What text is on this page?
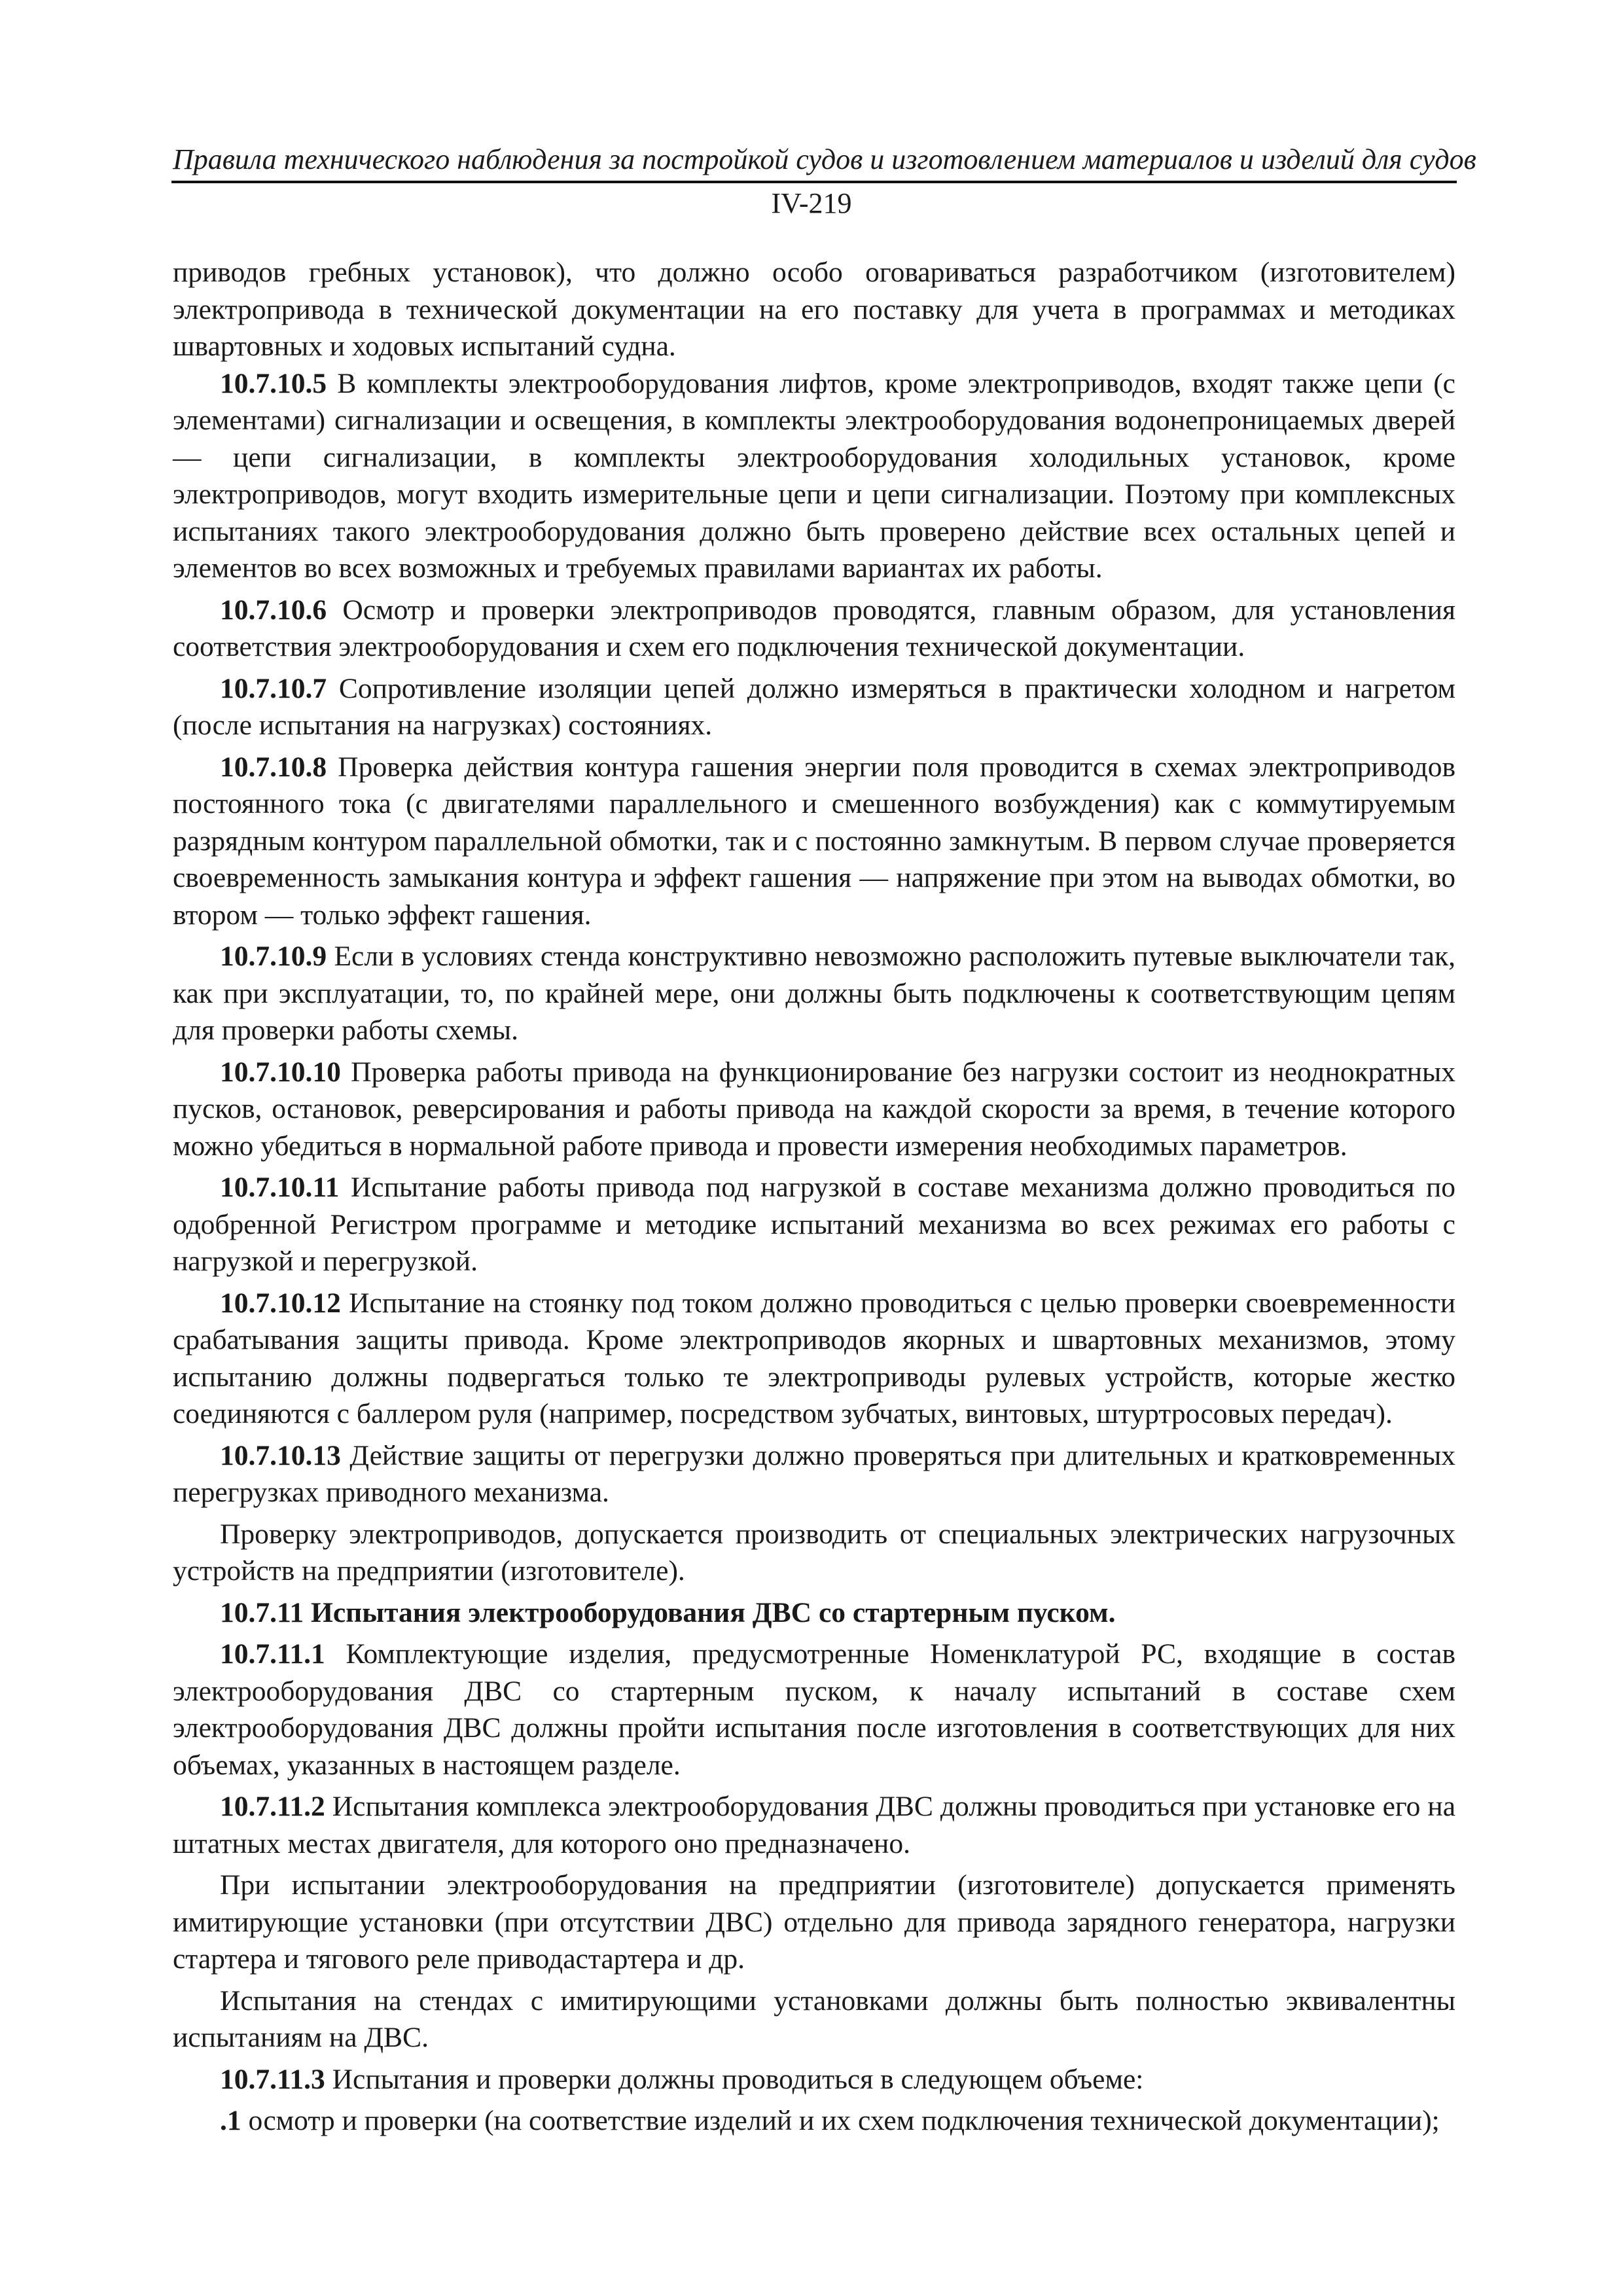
Правила технического наблюдения за постройкой судов и изготовлением материалов и изделий для судов
IV-219

приводов гребных установок), что должно особо оговариваться разработчиком (изготовителем) электропривода в технической документации на его поставку для учета в программах и методиках швартовных и ходовых испытаний судна.

10.7.10.5 В комплекты электрооборудования лифтов, кроме электроприводов, входят также цепи (с элементами) сигнализации и освещения, в комплекты электрооборудования водонепроницаемых дверей — цепи сигнализации, в комплекты электрооборудования холодильных установок, кроме электроприводов, могут входить измерительные цепи и цепи сигнализации. Поэтому при комплексных испытаниях такого электрооборудования должно быть проверено действие всех остальных цепей и элементов во всех возможных и требуемых правилами вариантах их работы.

10.7.10.6 Осмотр и проверки электроприводов проводятся, главным образом, для установления соответствия электрооборудования и схем его подключения технической документации.

10.7.10.7 Сопротивление изоляции цепей должно измеряться в практически холодном и нагретом (после испытания на нагрузках) состояниях.

10.7.10.8 Проверка действия контура гашения энергии поля проводится в схемах электроприводов постоянного тока (с двигателями параллельного и смешенного возбуждения) как с коммутируемым разрядным контуром параллельной обмотки, так и с постоянно замкнутым. В первом случае проверяется своевременность замыкания контура и эффект гашения — напряжение при этом на выводах обмотки, во втором — только эффект гашения.

10.7.10.9 Если в условиях стенда конструктивно невозможно расположить путевые выключатели так, как при эксплуатации, то, по крайней мере, они должны быть подключены к соответствующим цепям для проверки работы схемы.

10.7.10.10 Проверка работы привода на функционирование без нагрузки состоит из неоднократных пусков, остановок, реверсирования и работы привода на каждой скорости за время, в течение которого можно убедиться в нормальной работе привода и провести измерения необходимых параметров.

10.7.10.11 Испытание работы привода под нагрузкой в составе механизма должно проводиться по одобренной Регистром программе и методике испытаний механизма во всех режимах его работы с нагрузкой и перегрузкой.

10.7.10.12 Испытание на стоянку под током должно проводиться с целью проверки своевременности срабатывания защиты привода. Кроме электроприводов якорных и швартовных механизмов, этому испытанию должны подвергаться только те электроприводы рулевых устройств, которые жестко соединяются с баллером руля (например, посредством зубчатых, винтовых, штуртросовых передач).

10.7.10.13 Действие защиты от перегрузки должно проверяться при длительных и кратковременных перегрузках приводного механизма.

Проверку электроприводов, допускается производить от специальных электрических нагрузочных устройств на предприятии (изготовителе).

10.7.11 Испытания электрооборудования ДВС со стартерным пуском.

10.7.11.1 Комплектующие изделия, предусмотренные Номенклатурой РС, входящие в состав электрооборудования ДВС со стартерным пуском, к началу испытаний в составе схем электрооборудования ДВС должны пройти испытания после изготовления в соответствующих для них объемах, указанных в настоящем разделе.

10.7.11.2 Испытания комплекса электрооборудования ДВС должны проводиться при установке его на штатных местах двигателя, для которого оно предназначено.

При испытании электрооборудования на предприятии (изготовителе) допускается применять имитирующие установки (при отсутствии ДВС) отдельно для привода зарядного генератора, нагрузки стартера и тягового реле приводастартера и др.

Испытания на стендах с имитирующими установками должны быть полностью эквивалентны испытаниям на ДВС.

10.7.11.3 Испытания и проверки должны проводиться в следующем объеме:

.1 осмотр и проверки (на соответствие изделий и их схем подключения технической документации);
